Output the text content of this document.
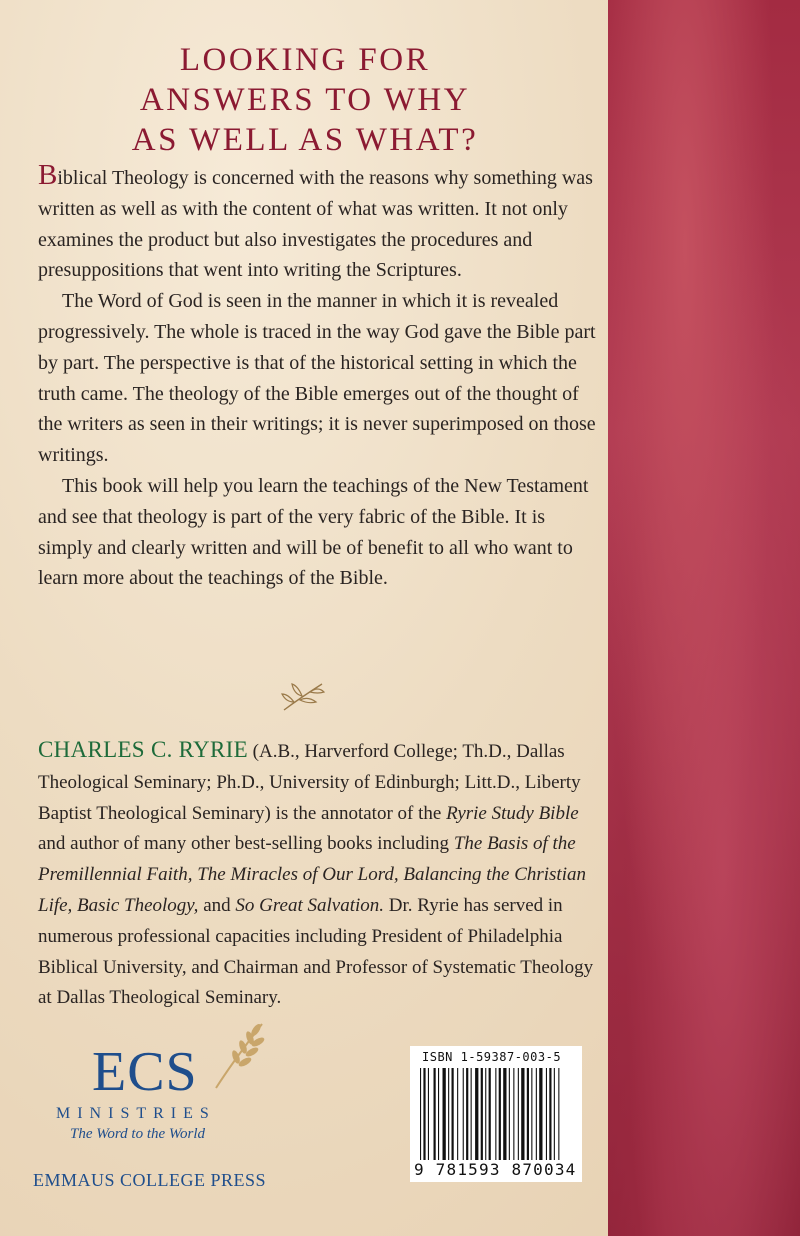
LOOKING FOR
ANSWERS TO WHY
AS WELL AS WHAT?

Biblical Theology is concerned with the reasons why something was written as well as with the content of what was written. It not only examines the product but also investigates the procedures and presuppositions that went into writing the Scriptures.

The Word of God is seen in the manner in which it is revealed progressively. The whole is traced in the way God gave the Bible part by part. The perspective is that of the historical setting in which the truth came. The theology of the Bible emerges out of the thought of the writers as seen in their writings; it is never superimposed on those writings.

This book will help you learn the teachings of the New Testament and see that theology is part of the very fabric of the Bible. It is simply and clearly written and will be of benefit to all who want to learn more about the teachings of the Bible.

CHARLES C. RYRIE (A.B., Harverford College; Th.D., Dallas Theological Seminary; Ph.D., University of Edinburgh; Litt.D., Liberty Baptist Theological Seminary) is the annotator of the Ryrie Study Bible and author of many other best-selling books including The Basis of the Premillennial Faith, The Miracles of Our Lord, Balancing the Christian Life, Basic Theology, and So Great Salvation. Dr. Ryrie has served in numerous professional capacities including President of Philadelphia Biblical University, and Chairman and Professor of Systematic Theology at Dallas Theological Seminary.
ECS
MINISTRIES
The Word to the World
EMMAUS COLLEGE PRESS
ISBN 1-59387-003-5
9 781593 870034
